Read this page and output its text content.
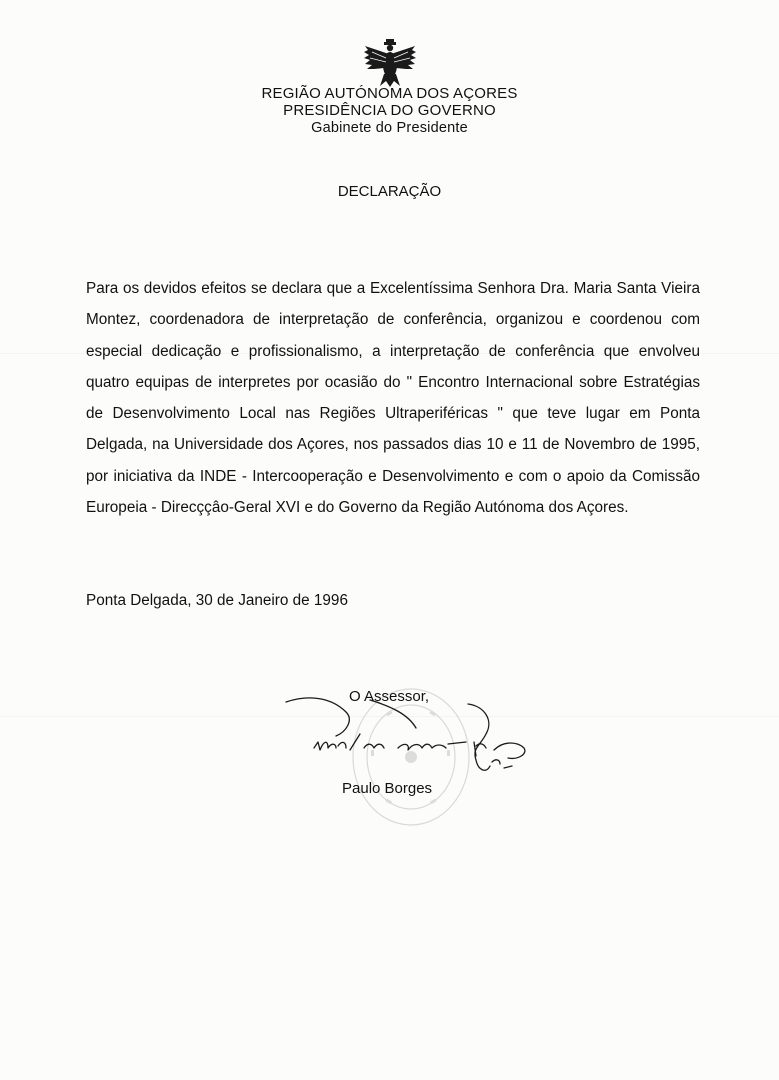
REGIÃO AUTÓNOMA DOS AÇORES
PRESIDÊNCIA DO GOVERNO
Gabinete do Presidente
DECLARAÇÃO

Para os devidos efeitos se declara que a Excelentíssima Senhora Dra. Maria Santa Vieira Montez, coordenadora de interpretação de conferência, organizou e coordenou com especial dedicação e profissionalismo, a interpretação de conferência que envolveu quatro equipas de interpretes por ocasião do " Encontro Internacional sobre Estratégias de Desenvolvimento Local nas Regiões Ultraperiféricas " que teve lugar em Ponta Delgada, na Universidade dos Açores, nos passados dias 10 e 11 de Novembro de 1995, por iniciativa da INDE - Intercooperação e Desenvolvimento e com o apoio da Comissão Europeia - Direcççâo-Geral XVI e do Governo da Região Autónoma dos Açores.

Ponta Delgada, 30 de Janeiro de 1996
O Assessor,
Paulo Borges
